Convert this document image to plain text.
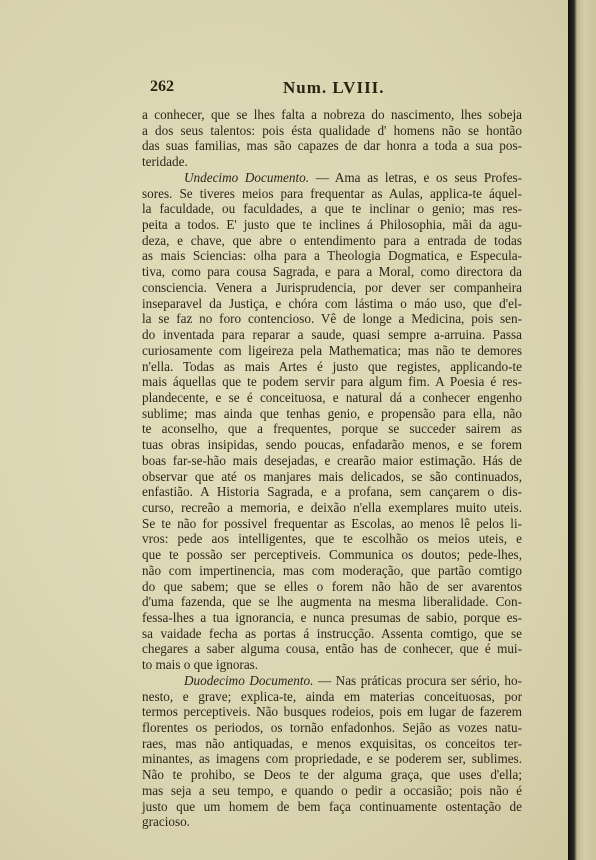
262	Num. LVIII.
a conhecer, que se lhes falta a nobreza do nascimento, lhes sobeja
a dos seus talentos: pois ésta qualidade d' homens não se hontão
das suas familias, mas são capazes de dar honra a toda a sua pos-
teridade.
Undecimo Documento. — Ama as letras, e os seus Profes-
sores. Se tiveres meios para frequentar as Aulas, applica-te áquel-
la faculdade, ou faculdades, a que te inclinar o genio; mas res-
peita a todos. E' justo que te inclines á Philosophia, mãi da agu-
deza, e chave, que abre o entendimento para a entrada de todas
as mais Sciencias: olha para a Theologia Dogmatica, e Especula-
tiva, como para cousa Sagrada, e para a Moral, como directora da
consciencia. Venera a Jurisprudencia, por dever ser companheira
inseparavel da Justiça, e chóra com lástima o máo uso, que d'el-
la se faz no foro contencioso. Vê de longe a Medicina, pois sen-
do inventada para reparar a saude, quasi sempre a-arruina. Passa
curiosamente com ligeireza pela Mathematica; mas não te demores
n'ella. Todas as mais Artes é justo que registes, applicando-te
mais áquellas que te podem servir para algum fim. A Poesia é res-
plandecente, e se é conceituosa, e natural dá a conhecer engenho
sublime; mas ainda que tenhas genio, e propensão para ella, não
te aconselho, que a frequentes, porque se succeder sairem as
tuas obras insipidas, sendo poucas, enfadarão menos, e se forem
boas far-se-hão mais desejadas, e crearão maior estimação. Hás de
observar que até os manjares mais delicados, se são continuados,
enfastião. A Historia Sagrada, e a profana, sem cançarem o dis-
curso, recreão a memoria, e deixão n'ella exemplares muito uteis.
Se te não for possivel frequentar as Escolas, ao menos lê pelos li-
vros: pede aos intelligentes, que te escolhão os meios uteis, e
que te possão ser perceptiveis. Communica os doutos; pede-lhes,
não com impertinencia, mas com moderação, que partão comtigo
do que sabem; que se elles o forem não hão de ser avarentos
d'uma fazenda, que se lhe augmenta na mesma liberalidade. Con-
fessa-lhes a tua ignorancia, e nunca presumas de sabio, porque es-
sa vaidade fecha as portas á instrucção. Assenta comtigo, que se
chegares a saber alguma cousa, então has de conhecer, que é mui-
to mais o que ignoras.
Duodecimo Documento. — Nas práticas procura ser sério, ho-
nesto, e grave; explica-te, ainda em materias conceituosas, por
termos perceptiveis. Não busques rodeios, pois em lugar de fazerem
florentes os periodos, os tornão enfadonhos. Sejão as vozes natu-
raes, mas não antiquadas, e menos exquisitas, os conceitos ter-
minantes, as imagens com propriedade, e se poderem ser, sublimes.
Não te prohibo, se Deos te der alguma graça, que uses d'ella;
mas seja a seu tempo, e quando o pedir a occasião; pois não é
justo que um homem de bem faça continuamente ostentação de
gracioso.
